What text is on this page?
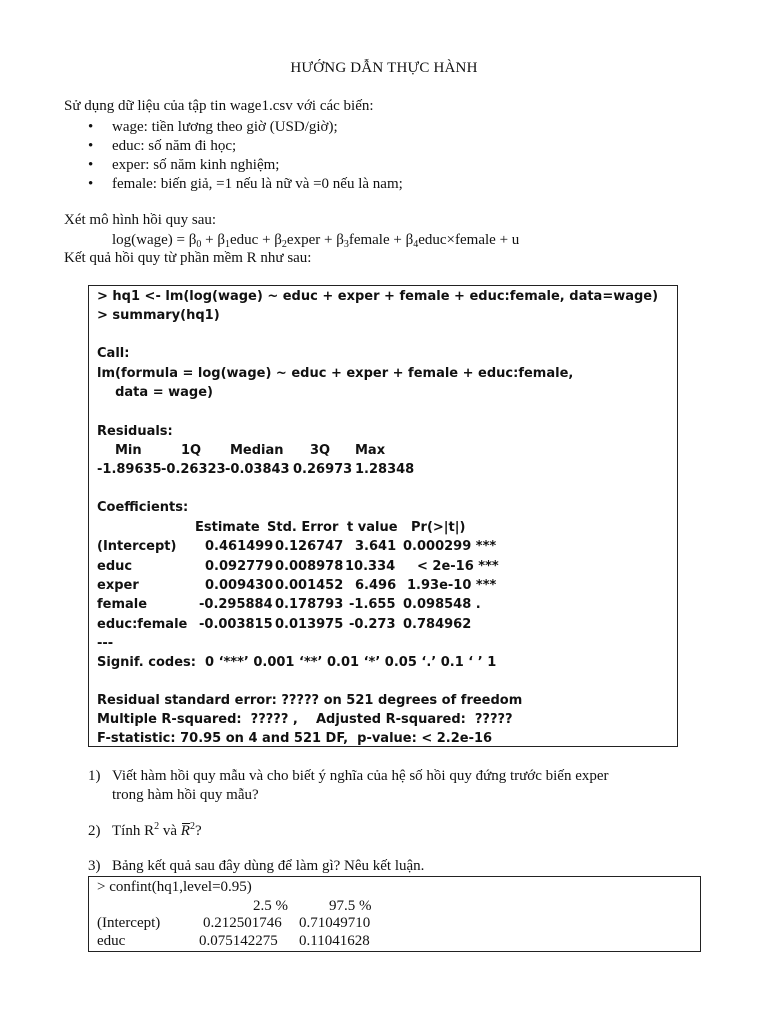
HƯỚNG DẪN THỰC HÀNH
Sử dụng dữ liệu của tập tin wage1.csv với các biến:
• wage: tiền lương theo giờ (USD/giờ);
• educ: số năm đi học;
• exper: số năm kinh nghiệm;
• female: biến giả, =1 nếu là nữ và =0 nếu là nam;
Xét mô hình hồi quy sau:
log(wage) = $\beta_0$ + $\beta_1educ$ + $\beta_2exper$ + $\beta_3female$ + $\beta_4educ\times female + u$
Kết quả hồi quy từ phần mềm R như sau:
> hq1 <- lm(log(wage) ~ educ + exper + female + educ:female, data=wage)
> summary(hq1)
Call:
lm(formula = log(wage) ~ educ + exper + female + educ:female,
data = wage)
Residuals:
Min	1Q Median 3Q Max
-1.89635 -0.26323 -0.03843 0.26973 1.28348
Coefficients:
Estimate Std. Error t value Pr(>|t|)
(Intercept) 0.461499 0.126747 3.641 0.000299 ***
educ	0.092779 0.008978 10.334 < 2e-16 ***
exper	0.009430 0.001452 6.496 1.93e-10 ***
female	-0.295884 0.178793 -1.655 0.098548 .
educ:female -0.003815 0.013975 -0.273 0.784962
---
Signif. codes:  0 ‘***’ 0.001 ‘**’ 0.01 ‘*’ 0.05 ‘.’ 0.1 ‘ ’ 1
Residual standard error: ????? on 521 degrees of freedom
Multiple R-squared:  ????? ,    Adjusted R-squared:  ?????
F-statistic: 70.95 on 4 and 521 DF,  p-value: < 2.2e-16
1) Viết hàm hồi quy mẫu và cho biết ý nghĩa của hệ số hồi quy đứng trước biến exper
trong hàm hồi quy mẫu?
2) Tính $R^2$ và $R^2$?
3) Bảng kết quả sau đây dùng để làm gì? Nêu kết luận.
> confint(hq1,level=0.95)
2.5 %	97.5 %
(Intercept)	0.212501746 0.71049710
educ	0.075142275 0.11041628
